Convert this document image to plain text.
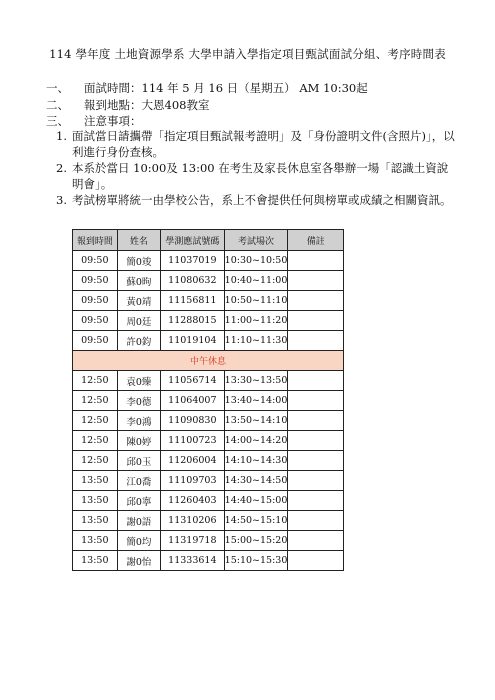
114 學年度 土地資源學系 大學申請入學指定項目甄試面試分組、考序時間表
一、 面試時間：114 年 5 月 16 日（星期五） AM 10:30起
二、 報到地點：大恩408教室
三、 注意事項：
1. 面試當日請攜帶「指定項目甄試報考證明」及「身份證明文件(含照片)」，以利進行身份查核。
2. 本系於當日 10:00及 13:00 在考生及家長休息室各舉辦一場「認識土資說明會」。
3. 考試榜單將統一由學校公告，系上不會提供任何與榜單或成績之相關資訊。
報到時間	姓名	學測應試號碼	考試場次	備註
09:50	簡0竣	11037019	10:30~10:50	
09:50	蘇0昫	11080632	10:40~11:00	
09:50	黃0靖	11156811	10:50~11:10	
09:50	周0廷	11288015	11:00~11:20	
09:50	許0鈞	11019104	11:10~11:30	
中午休息				
12:50	袁0臻	11056714	13:30~13:50	
12:50	李0德	11064007	13:40~14:00	
12:50	李0鴻	11090830	13:50~14:10	
12:50	陳0婷	11100723	14:00~14:20	
12:50	邱0玉	11206004	14:10~14:30	
13:50	江0喬	11109703	14:30~14:50	
13:50	邱0寧	11260403	14:40~15:00	
13:50	謝0語	11310206	14:50~15:10	
13:50	簡0均	11319718	15:00~15:20	
13:50	謝0怡	11333614	15:10~15:30	
